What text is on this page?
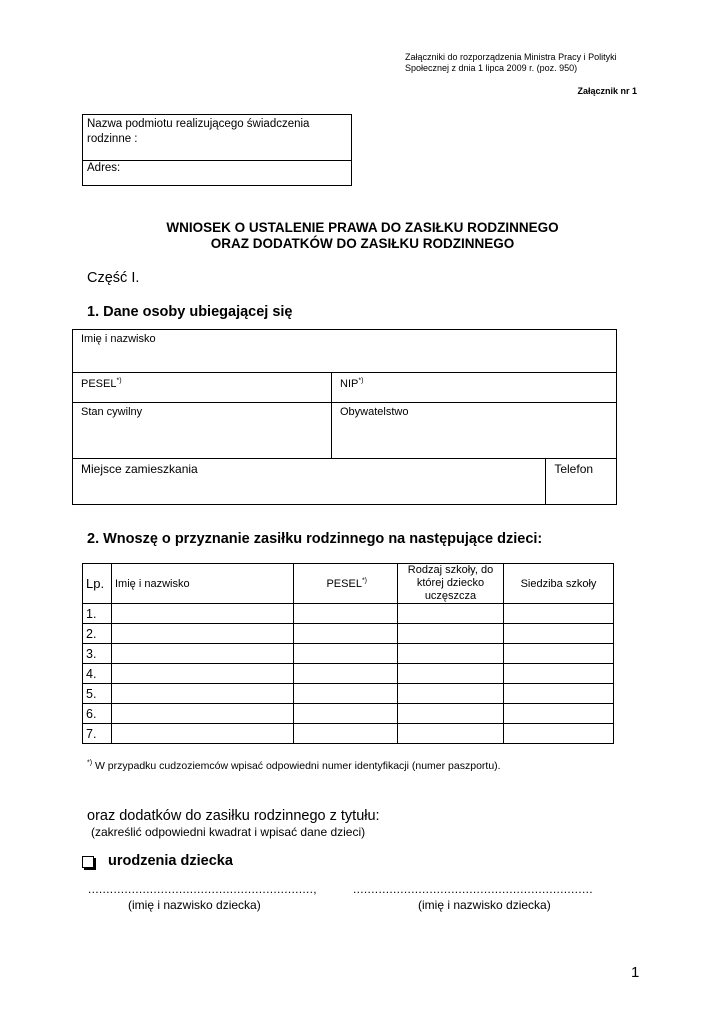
Załączniki do rozporządzenia Ministra Pracy i Polityki
Społecznej z dnia 1 lipca 2009 r. (poz. 950)
Załącznik nr 1
Nazwa podmiotu realizującego świadczenia rodzinne :
Adres:
WNIOSEK O USTALENIE PRAWA DO ZASIŁKU RODZINNEGO
ORAZ DODATKÓW DO ZASIŁKU RODZINNEGO
Część I.
1. Dane osoby ubiegającej się
Imię i nazwisko		
PESEL*)	NIP*)
Stan cywilny	Obywatelstwo	
Miejsce zamieszkania		Telefon
2. Wnoszę o przyznanie zasiłku rodzinnego na następujące dzieci:
Lp.	Imię i nazwisko	PESEL*)	Rodzaj szkoły, do której dziecko uczęszcza	Siedziba szkoły
1.				
2.				
3.				
4.				
5.				
6.				
7.				
*) W przypadku cudzoziemców wpisać odpowiedni numer identyfikacji (numer paszportu).
oraz dodatków do zasiłku rodzinnego z tytułu:
(zakreślić odpowiedni kwadrat i wpisać dane dzieci)
urodzenia dziecka
..............................................................,	..................................................................
(imię i nazwisko dziecka)	(imię i nazwisko dziecka)
1
